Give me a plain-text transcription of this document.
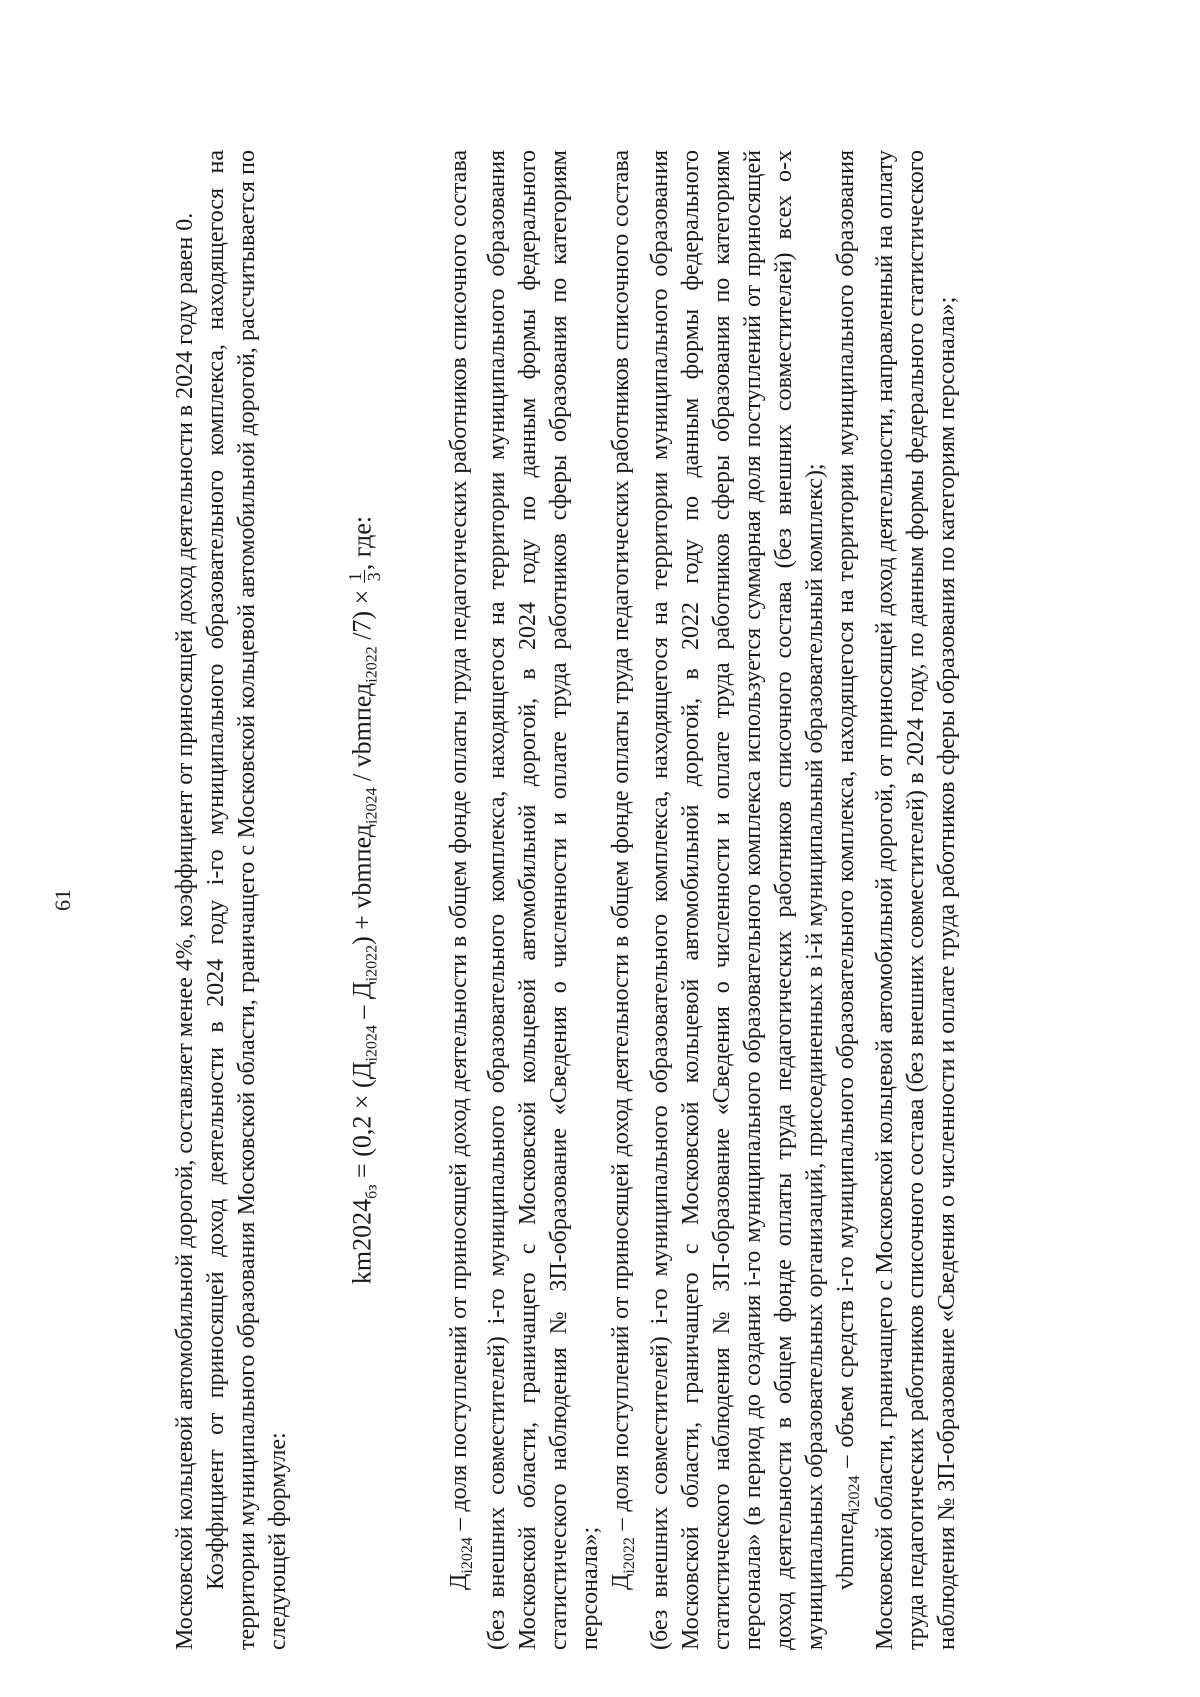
61	Московской кольцевой автомобильной дорогой, составляет менее 4%, коэффициент от приносящей доход деятельности в 2024 году равен 0. Коэффициент от приносящей доход деятельности в 2024 году i-го муниципального образовательного комплекса, находящегося на территории муниципального образования Московской области, граничащего с Московской кольцевой автомобильной дорогой, рассчитывается по следующей формуле:

$km2024_{бз} = (0,2 \times (Д_{i2024} - Д_{i2022})$ + vbmпед$_{i2024}$ / vbmпед$_{i2022}$ /7) ×
1 3
, где:

$Д_{i2024}$ – доля поступлений от приносящей доход деятельности в общем фонде оплаты труда педагогических работников списочного состава (без внешних совместителей) i-го муниципального образовательного комплекса, находящегося на территории муниципального образования Московской области, граничащего с Московской кольцевой автомобильной дорогой, в 2024 году по данным формы федерального статистического наблюдения № ЗП-образование «Сведения о численности и оплате труда работников сферы образования по категориям персонала»; $Д_{i2022}$ – доля поступлений от приносящей доход деятельности в общем фонде оплаты труда педагогических работников списочного состава (без внешних совместителей) i-го муниципального образовательного комплекса, находящегося на территории муниципального образования Московской области, граничащего с Московской кольцевой автомобильной дорогой, в 2022 году по данным формы федерального статистического наблюдения № ЗП-образование «Сведения о численности и оплате труда работников сферы образования по категориям персонала» (в период до создания i-го муниципального образовательного комплекса используется суммарная доля поступлений от приносящей доход деятельности в общем фонде оплаты труда педагогических работников списочного состава (без внешних совместителей) всех о-х муниципальных образовательных организаций, присоединенных в i-й муниципальный образовательный комплекс); vbmпед$_{i2024}$ – объем средств i-го муниципального образовательного комплекса, находящегося на территории муниципального образования Московской области, граничащего с Московской кольцевой автомобильной дорогой, от приносящей доход деятельности, направленный на оплату труда педагогических работников списочного состава (без внешних совместителей) в 2024 году, по данным формы федерального статистического наблюдения № ЗП-образование «Сведения о численности и оплате труда работников сферы образования по категориям персонала»;
